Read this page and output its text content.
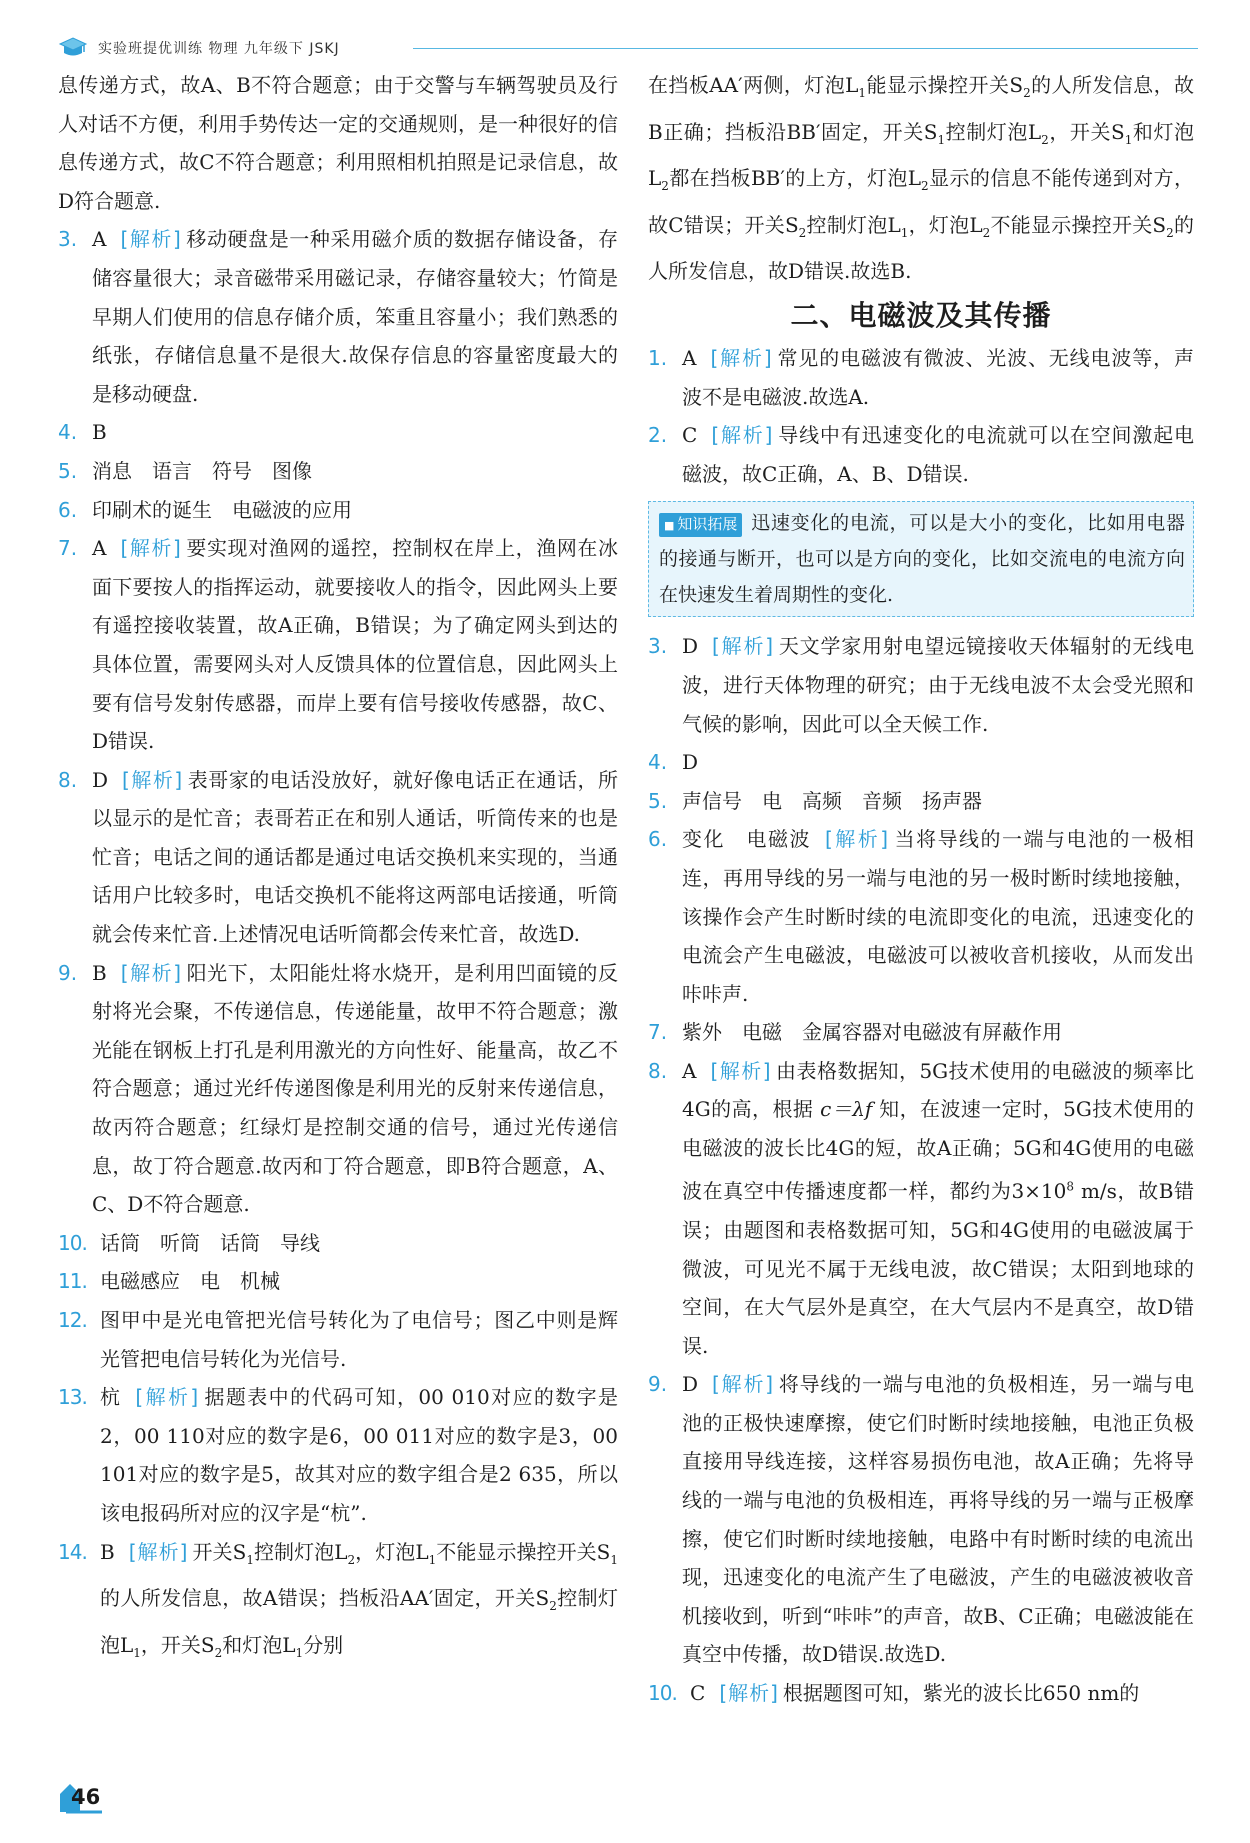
实验班提优训练 物理 九年级下 JSKJ

息传递方式，故A、B不符合题意；由于交警与车辆驾驶员及行人对话不方便，利用手势传达一定的交通规则，是一种很好的信息传递方式，故C不符合题意；利用照相机拍照是记录信息，故D符合题意.

3. A [解析] 移动硬盘是一种采用磁介质的数据存储设备，存储容量很大；录音磁带采用磁记录，存储容量较大；竹简是早期人们使用的信息存储介质，笨重且容量小；我们熟悉的纸张，存储信息量不是很大.故保存信息的容量密度最大的是移动硬盘.
4. B
5. 消息　语言　符号　图像
6. 印刷术的诞生　电磁波的应用
7. A [解析] 要实现对渔网的遥控，控制权在岸上，渔网在冰面下要按人的指挥运动，就要接收人的指令，因此网头上要有遥控接收装置，故A正确，B错误；为了确定网头到达的具体位置，需要网头对人反馈具体的位置信息，因此网头上要有信号发射传感器，而岸上要有信号接收传感器，故C、D错误.
8. D [解析] 表哥家的电话没放好，就好像电话正在通话，所以显示的是忙音；表哥若正在和别人通话，听筒传来的也是忙音；电话之间的通话都是通过电话交换机来实现的，当通话用户比较多时，电话交换机不能将这两部电话接通，听筒就会传来忙音.上述情况电话听筒都会传来忙音，故选D.
9. B [解析] 阳光下，太阳能灶将水烧开，是利用凹面镜的反射将光会聚，不传递信息，传递能量，故甲不符合题意；激光能在钢板上打孔是利用激光的方向性好、能量高，故乙不符合题意；通过光纤传递图像是利用光的反射来传递信息，故丙符合题意；红绿灯是控制交通的信号，通过光传递信息，故丁符合题意.故丙和丁符合题意，即B符合题意，A、C、D不符合题意.
10. 话筒　听筒　话筒　导线
11. 电磁感应　电　机械
12. 图甲中是光电管把光信号转化为了电信号；图乙中则是辉光管把电信号转化为光信号.
13. 杭 [解析] 据题表中的代码可知，00 010对应的数字是2，00 110对应的数字是6，00 011对应的数字是3，00 101对应的数字是5，故其对应的数字组合是2 635，所以该电报码所对应的汉字是“杭”.
14. B [解析] 开关$S_1$控制灯泡$L_2$，灯泡$L_1$不能显示操控开关$S_1$的人所发信息，故A错误；挡板沿AA′固定，开关$S_2$控制灯泡$L_1$，开关$S_2$和灯泡$L_1$分别

在挡板AA′两侧，灯泡$L_1$能显示操控开关$S_2$的人所发信息，故B正确；挡板沿BB′固定，开关$S_1$控制灯泡$L_2$，开关$S_1$和灯泡$L_2$都在挡板BB′的上方，灯泡$L_2$显示的信息不能传递到对方，故C错误；开关$S_2$控制灯泡$L_1$，灯泡$L_2$不能显示操控开关$S_2$的人所发信息，故D错误.故选B.

二、电磁波及其传播
1. A [解析] 常见的电磁波有微波、光波、无线电波等，声波不是电磁波.故选A.
2. C [解析] 导线中有迅速变化的电流就可以在空间激起电磁波，故C正确，A、B、D错误.
■ 知识拓展 迅速变化的电流，可以是大小的变化，比如用电器的接通与断开，也可以是方向的变化，比如交流电的电流方向在快速发生着周期性的变化.
3. D [解析] 天文学家用射电望远镜接收天体辐射的无线电波，进行天体物理的研究；由于无线电波不太会受光照和气候的影响，因此可以全天候工作.
4. D
5. 声信号　电　高频　音频　扬声器
6. 变化　电磁波 [解析] 当将导线的一端与电池的一极相连，再用导线的另一端与电池的另一极时断时续地接触，该操作会产生时断时续的电流即变化的电流，迅速变化的电流会产生电磁波，电磁波可以被收音机接收，从而发出咔咔声.
7. 紫外　电磁　金属容器对电磁波有屏蔽作用
8. A [解析] 由表格数据知，5G技术使用的电磁波的频率比4G的高，根据 c＝λf 知，在波速一定时，5G技术使用的电磁波的波长比4G的短，故A正确；5G和4G使用的电磁波在真空中传播速度都一样，都约为$3\times 10^8$ m/s，故B错误；由题图和表格数据可知，5G和4G使用的电磁波属于微波，可见光不属于无线电波，故C错误；太阳到地球的空间，在大气层外是真空，在大气层内不是真空，故D错误.
9. D [解析] 将导线的一端与电池的负极相连，另一端与电池的正极快速摩擦，使它们时断时续地接触，电池正负极直接用导线连接，这样容易损伤电池，故A正确；先将导线的一端与电池的负极相连，再将导线的另一端与正极摩擦，使它们时断时续地接触，电路中有时断时续的电流出现，迅速变化的电流产生了电磁波，产生的电磁波被收音机接收到，听到“咔咔”的声音，故B、C正确；电磁波能在真空中传播，故D错误.故选D.
10. C [解析] 根据题图可知，紫光的波长比650 nm的
46
